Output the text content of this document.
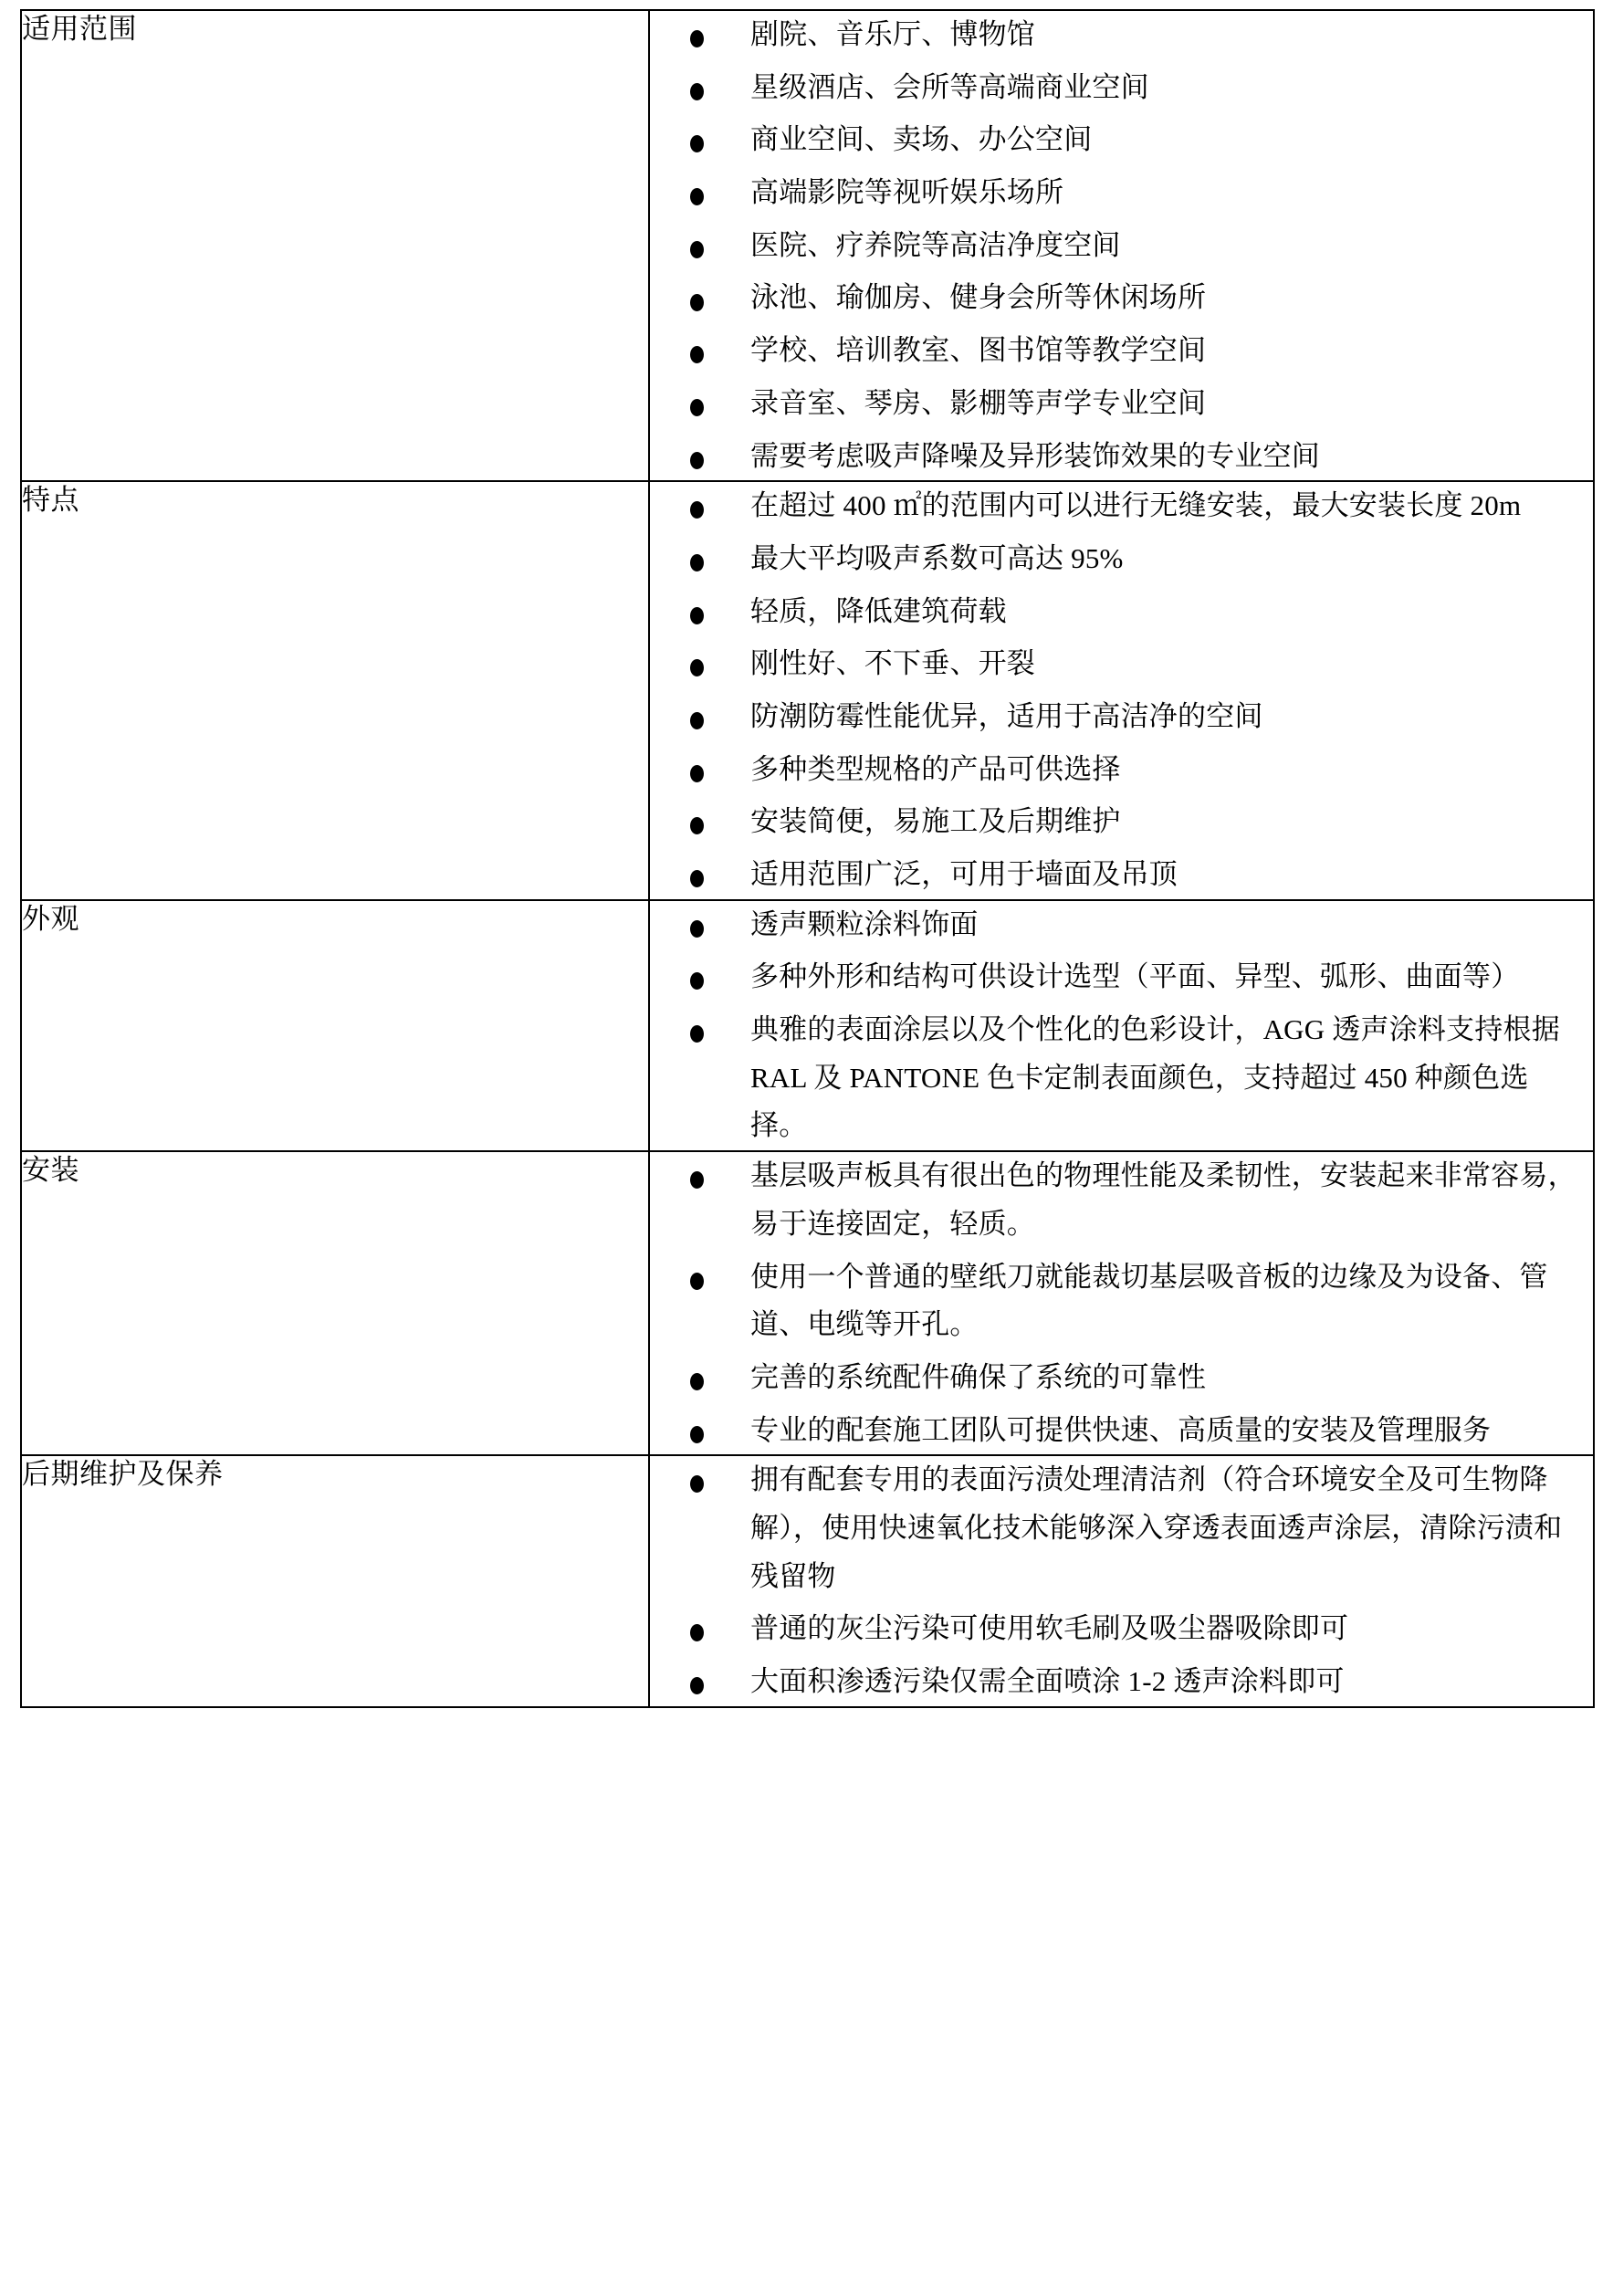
适用范围	剧院、音乐厅、博物馆
星级酒店、会所等高端商业空间
商业空间、卖场、办公空间
高端影院等视听娱乐场所
医院、疗养院等高洁净度空间
泳池、瑜伽房、健身会所等休闲场所
学校、培训教室、图书馆等教学空间
录音室、琴房、影棚等声学专业空间
需要考虑吸声降噪及异形装饰效果的专业空间

特点	在超过 400 ㎡的范围内可以进行无缝安装，最大安装长度 20m
最大平均吸声系数可高达 95%
轻质，降低建筑荷载
刚性好、不下垂、开裂
防潮防霉性能优异，适用于高洁净的空间
多种类型规格的产品可供选择
安装简便，易施工及后期维护
适用范围广泛，可用于墙面及吊顶

外观	透声颗粒涂料饰面
多种外形和结构可供设计选型（平面、异型、弧形、曲面等）
典雅的表面涂层以及个性化的色彩设计，AGG 透声涂料支持根据 RAL 及 PANTONE 色卡定制表面颜色，支持超过 450 种颜色选择。

安装	基层吸声板具有很出色的物理性能及柔韧性，安装起来非常容易，易于连接固定，轻质。
使用一个普通的壁纸刀就能裁切基层吸音板的边缘及为设备、管道、电缆等开孔。
完善的系统配件确保了系统的可靠性
专业的配套施工团队可提供快速、高质量的安装及管理服务

后期维护及保养	拥有配套专用的表面污渍处理清洁剂（符合环境安全及可生物降解），使用快速氧化技术能够深入穿透表面透声涂层，清除污渍和残留物
普通的灰尘污染可使用软毛刷及吸尘器吸除即可
大面积渗透污染仅需全面喷涂 1-2 透声涂料即可
